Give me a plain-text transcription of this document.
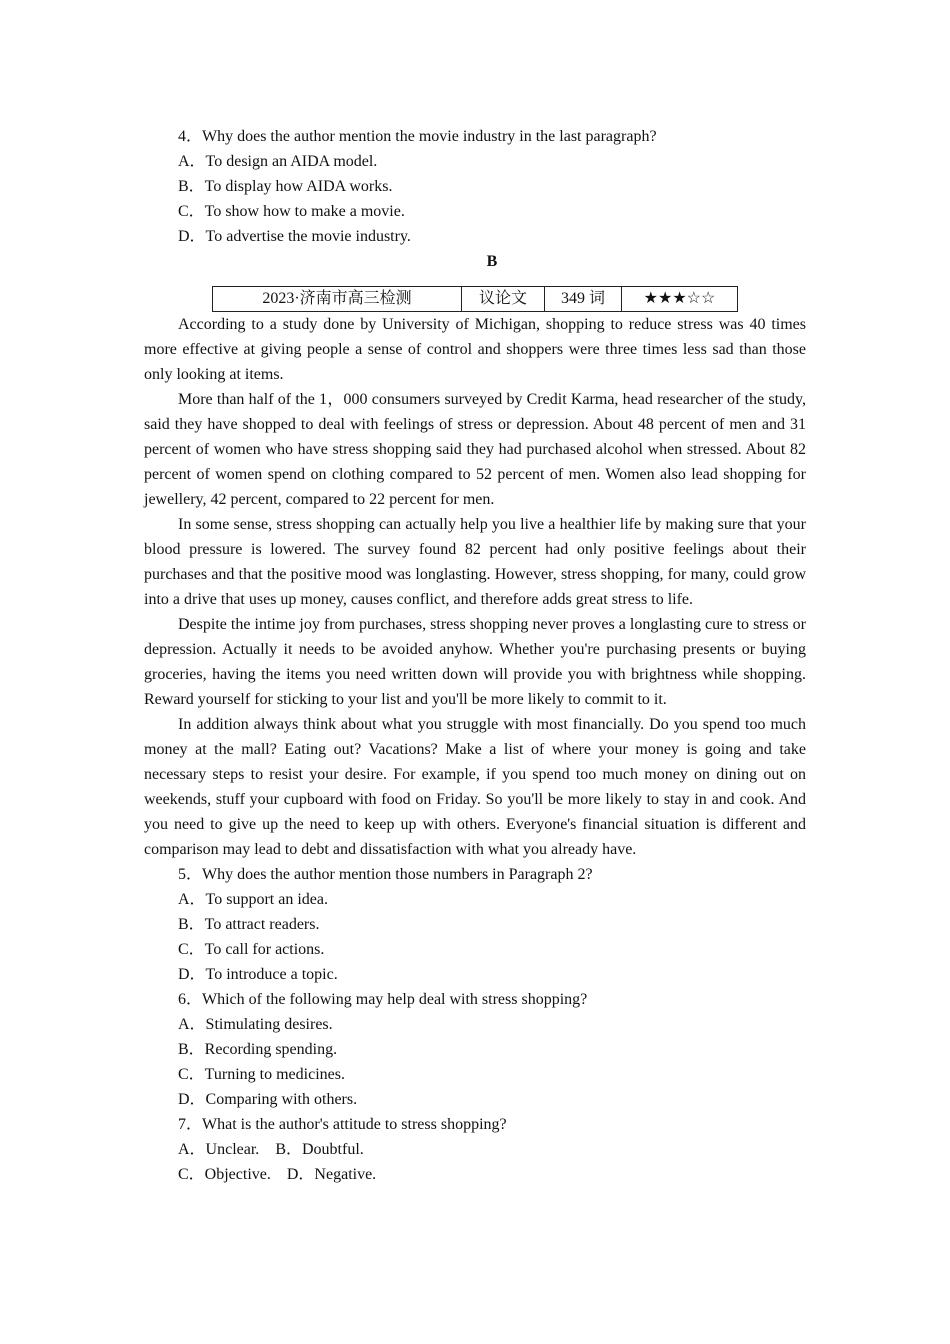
4．Why does the author mention the movie industry in the last paragraph?
A．To design an AIDA model.
B．To display how AIDA works.
C．To show how to make a movie.
D．To advertise the movie industry.
B
2023·济南市高三检测	议论文	349 词	★★★☆☆

According to a study done by University of Michigan, shopping to reduce stress was 40 times more effective at giving people a sense of control and shoppers were three times less sad than those only looking at items.

More than half of the 1，000 consumers surveyed by Credit Karma, head researcher of the study, said they have shopped to deal with feelings of stress or depression. About 48 percent of men and 31 percent of women who have stress shopping said they had purchased alcohol when stressed. About 82 percent of women spend on clothing compared to 52 percent of men. Women also lead shopping for jewellery, 42 percent, compared to 22 percent for men.

In some sense, stress shopping can actually help you live a healthier life by making sure that your blood pressure is lowered. The survey found 82 percent had only positive feelings about their purchases and that the positive mood was longlasting. However, stress shopping, for many, could grow into a drive that uses up money, causes conflict, and therefore adds great stress to life.

Despite the intime joy from purchases, stress shopping never proves a longlasting cure to stress or depression. Actually it needs to be avoided anyhow. Whether you're purchasing presents or buying groceries, having the items you need written down will provide you with brightness while shopping. Reward yourself for sticking to your list and you'll be more likely to commit to it.

In addition always think about what you struggle with most financially. Do you spend too much money at the mall? Eating out? Vacations? Make a list of where your money is going and take necessary steps to resist your desire. For example, if you spend too much money on dining out on weekends, stuff your cupboard with food on Friday. So you'll be more likely to stay in and cook. And you need to give up the need to keep up with others. Everyone's financial situation is different and comparison may lead to debt and dissatisfaction with what you already have.

5．Why does the author mention those numbers in Paragraph 2?
A．To support an idea.
B．To attract readers.
C．To call for actions.
D．To introduce a topic.
6．Which of the following may help deal with stress shopping?
A．Stimulating desires.
B．Recording spending.
C．Turning to medicines.
D．Comparing with others.
7．What is the author's attitude to stress shopping?
A．Unclear. B．Doubtful.
C．Objective. D．Negative.
